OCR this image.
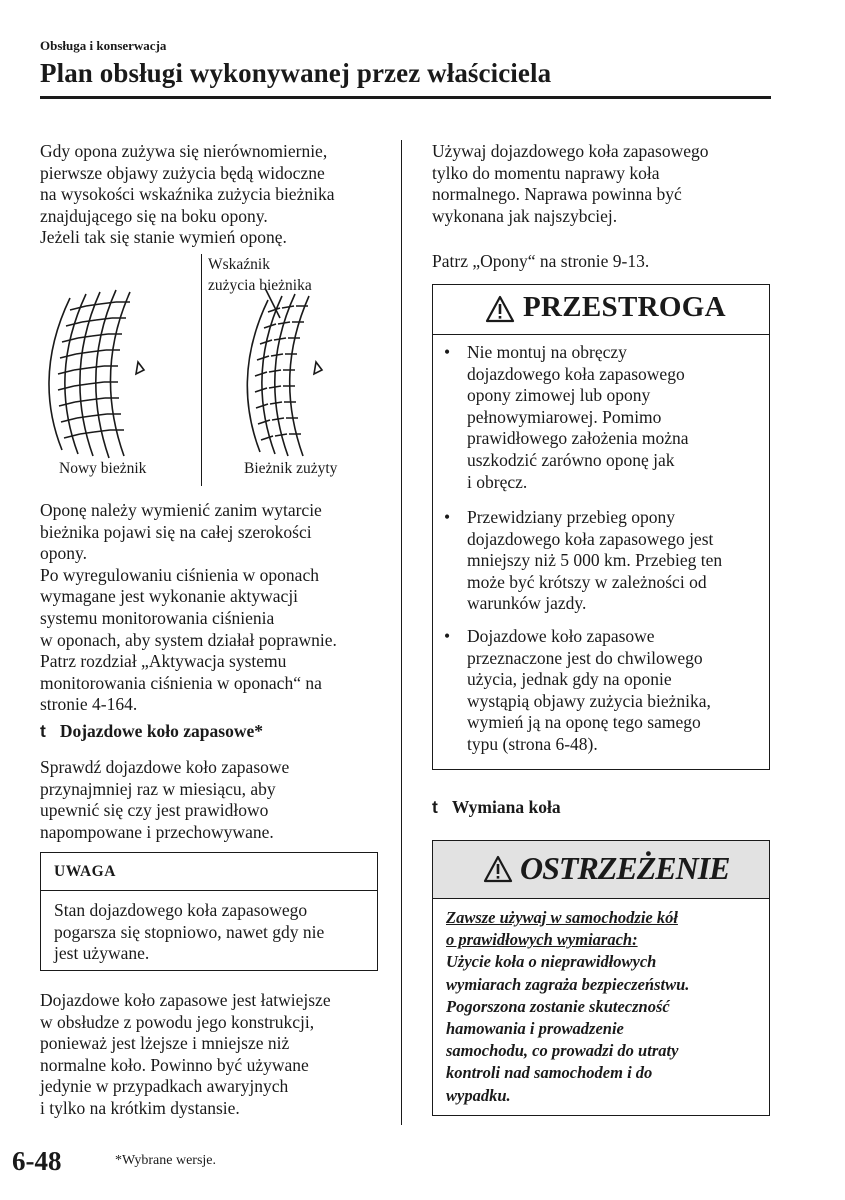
Obsługa i konserwacja
Plan obsługi wykonywanej przez właściciela
Gdy opona zużywa się nierównomiernie,
pierwsze objawy zużycia będą widoczne
na wysokości wskaźnika zużycia bieżnika
znajdującego się na boku opony.
Jeżeli tak się stanie wymień oponę.
Wskaźnik
zużycia bieżnika
Nowy bieżnik	Bieżnik zużyty
Oponę należy wymienić zanim wytarcie
bieżnika pojawi się na całej szerokości
opony.
Po wyregulowaniu ciśnienia w oponach
wymagane jest wykonanie aktywacji
systemu monitorowania ciśnienia
w oponach, aby system działał poprawnie.
Patrz rozdział „Aktywacja systemu
monitorowania ciśnienia w oponach“ na
stronie 4-164.
t Dojazdowe koło zapasowe*
Sprawdź dojazdowe koło zapasowe
przynajmniej raz w miesiącu, aby
upewnić się czy jest prawidłowo
napompowane i przechowywane.
UWAGA
Stan dojazdowego koła zapasowego
pogarsza się stopniowo, nawet gdy nie
jest używane.
Dojazdowe koło zapasowe jest łatwiejsze
w obsłudze z powodu jego konstrukcji,
ponieważ jest lżejsze i mniejsze niż
normalne koło. Powinno być używane
jedynie w przypadkach awaryjnych
i tylko na krótkim dystansie.
Używaj dojazdowego koła zapasowego
tylko do momentu naprawy koła
normalnego. Naprawa powinna być
wykonana jak najszybciej.
Patrz „Opony“ na stronie 9-13.
PRZESTROGA
• Nie montuj na obręczy
dojazdowego koła zapasowego
opony zimowej lub opony
pełnowymiarowej. Pomimo
prawidłowego założenia można
uszkodzić zarówno oponę jak
i obręcz.
• Przewidziany przebieg opony
dojazdowego koła zapasowego jest
mniejszy niż 5 000 km. Przebieg ten
może być krótszy w zależności od
warunków jazdy.
• Dojazdowe koło zapasowe
przeznaczone jest do chwilowego
użycia, jednak gdy na oponie
wystąpią objawy zużycia bieżnika,
wymień ją na oponę tego samego
typu (strona 6-48).
t Wymiana koła
OSTRZEŻENIE
Zawsze używaj w samochodzie kół
o prawidłowych wymiarach:
Użycie koła o nieprawidłowych
wymiarach zagraża bezpieczeństwu.
Pogorszona zostanie skuteczność
hamowania i prowadzenie
samochodu, co prowadzi do utraty
kontroli nad samochodem i do
wypadku.
6-48	*Wybrane wersje.
